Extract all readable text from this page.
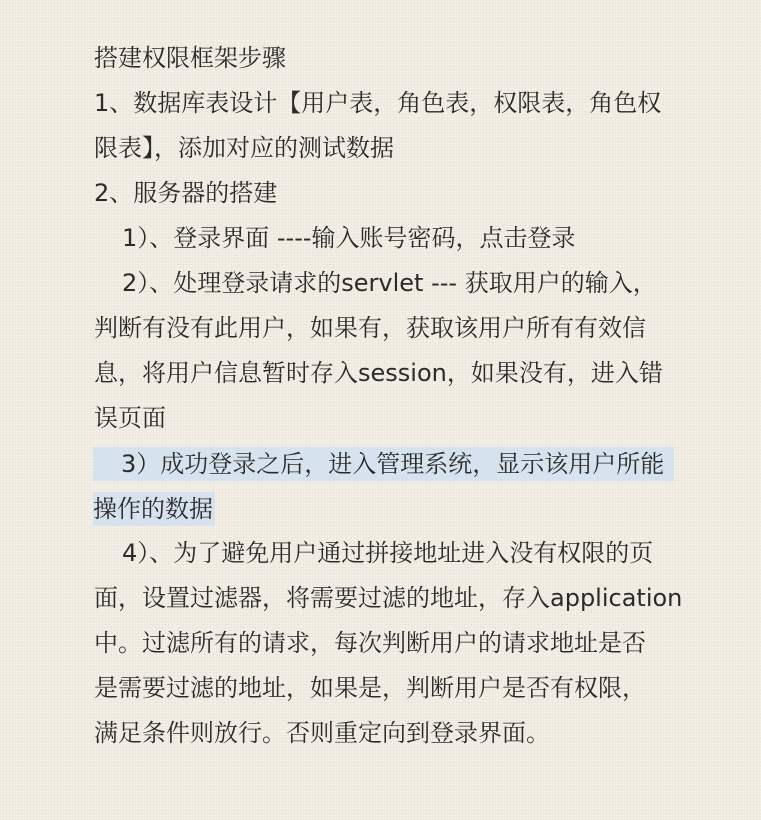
搭建权限框架步骤
1、数据库表设计【用户表，角色表，权限表，角色权
限表】，添加对应的测试数据
2、服务器的搭建
1）、登录界面 ----输入账号密码，点击登录
2）、处理登录请求的servlet --- 获取用户的输入，
判断有没有此用户，如果有，获取该用户所有有效信
息，将用户信息暂时存入session，如果没有，进入错
误页面
3）成功登录之后，进入管理系统，显示该用户所能
操作的数据
4）、为了避免用户通过拼接地址进入没有权限的页
面，设置过滤器，将需要过滤的地址，存入application
中。过滤所有的请求，每次判断用户的请求地址是否
是需要过滤的地址，如果是，判断用户是否有权限，
满足条件则放行。否则重定向到登录界面。
